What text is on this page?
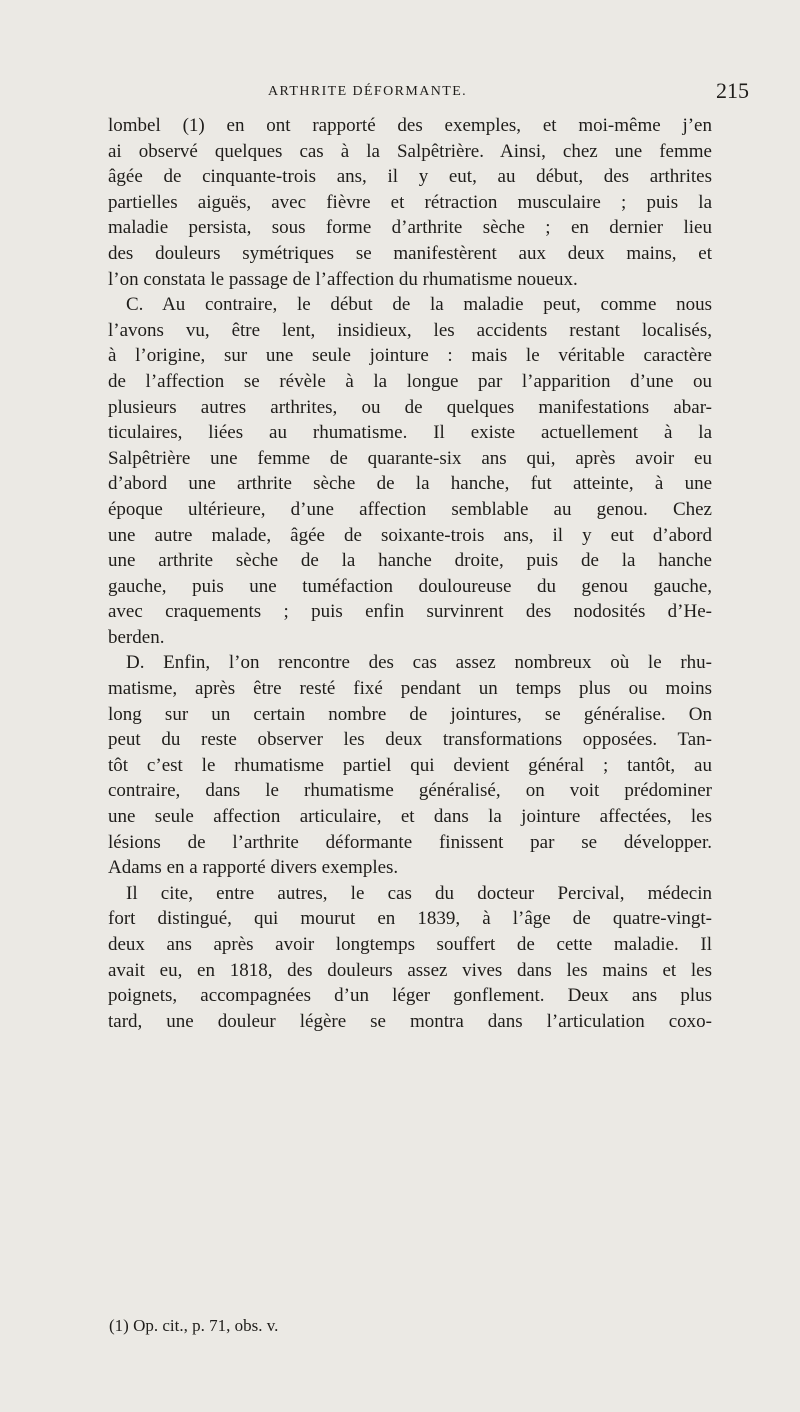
ARTHRITE DÉFORMANTE.	215
lombel (1) en ont rapporté des exemples, et moi-même j’en
ai observé quelques cas à la Salpêtrière. Ainsi, chez une femme
âgée de cinquante-trois ans, il y eut, au début, des arthrites
partielles aiguës, avec fièvre et rétraction musculaire ; puis la
maladie persista, sous forme d’arthrite sèche ; en dernier lieu
des douleurs symétriques se manifestèrent aux deux mains, et
l’on constata le passage de l’affection du rhumatisme noueux.
C. Au contraire, le début de la maladie peut, comme nous
l’avons vu, être lent, insidieux, les accidents restant localisés,
à l’origine, sur une seule jointure : mais le véritable caractère
de l’affection se révèle à la longue par l’apparition d’une ou
plusieurs autres arthrites, ou de quelques manifestations abar-
ticulaires, liées au rhumatisme. Il existe actuellement à la
Salpêtrière une femme de quarante-six ans qui, après avoir eu
d’abord une arthrite sèche de la hanche, fut atteinte, à une
époque ultérieure, d’une affection semblable au genou. Chez
une autre malade, âgée de soixante-trois ans, il y eut d’abord
une arthrite sèche de la hanche droite, puis de la hanche
gauche, puis une tuméfaction douloureuse du genou gauche,
avec craquements ; puis enfin survinrent des nodosités d’He-
berden.
D. Enfin, l’on rencontre des cas assez nombreux où le rhu-
matisme, après être resté fixé pendant un temps plus ou moins
long sur un certain nombre de jointures, se généralise. On
peut du reste observer les deux transformations opposées. Tan-
tôt c’est le rhumatisme partiel qui devient général ; tantôt, au
contraire, dans le rhumatisme généralisé, on voit prédominer
une seule affection articulaire, et dans la jointure affectées, les
lésions de l’arthrite déformante finissent par se développer.
Adams en a rapporté divers exemples.
Il cite, entre autres, le cas du docteur Percival, médecin
fort distingué, qui mourut en 1839, à l’âge de quatre-vingt-
deux ans après avoir longtemps souffert de cette maladie. Il
avait eu, en 1818, des douleurs assez vives dans les mains et les
poignets, accompagnées d’un léger gonflement. Deux ans plus
tard, une douleur légère se montra dans l’articulation coxo-
(1) Op. cit., p. 71, obs. v.
